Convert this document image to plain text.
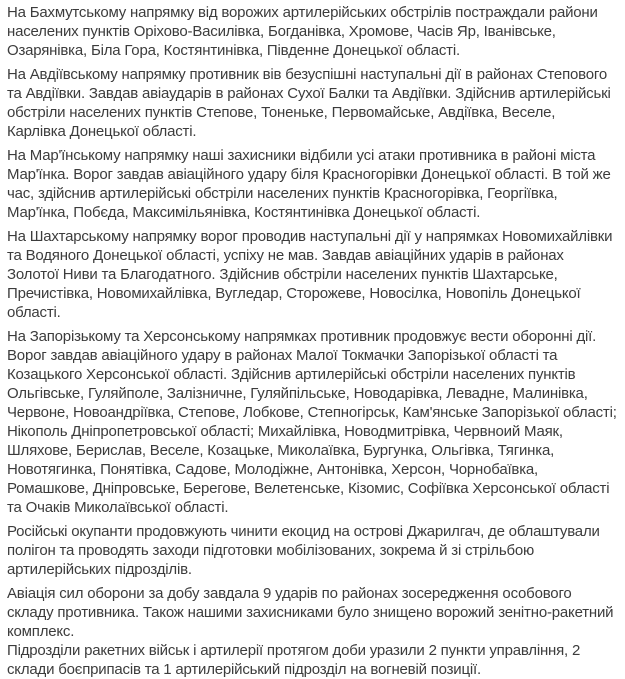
На Бахмутському напрямку від ворожих артилерійських обстрілів постраждали райони населених пунктів Оріхово-Василівка, Богданівка, Хромове, Часів Яр, Іванівське, Озарянівка, Біла Гора, Костянтинівка, Південне Донецької області.

На Авдіївському напрямку противник вів безуспішні наступальні дії в районах Степового та Авдіївки. Завдав авіаударів в районах Сухої Балки та Авдіївки. Здійснив артилерійські обстріли населених пунктів Степове, Тоненьке, Первомайське, Авдіївка, Веселе, Карлівка Донецької області.

На Мар'їнському напрямку наші захисники відбили усі атаки противника в районі міста Мар'їнка. Ворог завдав авіаційного удару біля Красногорівки Донецької області. В той же час, здійснив артилерійські обстріли населених пунктів Красногорівка, Георгіївка, Мар'їнка, Побєда, Максимільянівка, Костянтинівка Донецької області.

На Шахтарському напрямку ворог проводив наступальні дії у напрямках Новомихайлівки та Водяного Донецької області, успіху не мав. Завдав авіаційних ударів в районах Золотої Ниви та Благодатного. Здійснив обстріли населених пунктів Шахтарське, Пречистівка, Новомихайлівка, Вугледар, Сторожеве, Новосілка, Новопіль Донецької області.

На Запорізькому та Херсонському напрямках противник продовжує вести оборонні дії. Ворог завдав авіаційного удару в районах Малої Токмачки Запорізької області та Козацького Херсонської області. Здійснив артилерійські обстріли населених пунктів Ольгівське, Гуляйполе, Залізничне, Гуляйпільське, Новодарівка, Левадне, Малинівка, Червоне, Новоандріївка, Степове, Лобкове, Степногірськ, Кам'янське Запорізької області; Нікополь Дніпропетровської області; Михайлівка, Новодмитрівка, Червноий Маяк, Шляхове, Берислав, Веселе, Козацьке, Миколаївка, Бургунка, Ольгівка, Тягинка, Новотягинка, Понятівка, Садове, Молодіжне, Антонівка, Херсон, Чорнобаївка, Ромашкове, Дніпровське, Берегове, Велетенське, Кізомис, Софіївка Херсонської області та Очаків Миколаївської області.

Російські окупанти продовжують чинити екоцид на острові Джарилгач, де облаштували полігон та проводять заходи підготовки мобілізованих, зокрема й зі стрільбою артилерійських підрозділів.

Авіація сил оборони за добу завдала 9 ударів по районах зосередження особового складу противника. Також нашими захисниками було знищено ворожий зенітно-ракетний комплекс.

Підрозділи ракетних військ і артилерії протягом доби уразили 2 пункти управління, 2 склади боєприпасів та 1 артилерійський підрозділ на вогневій позиції.
